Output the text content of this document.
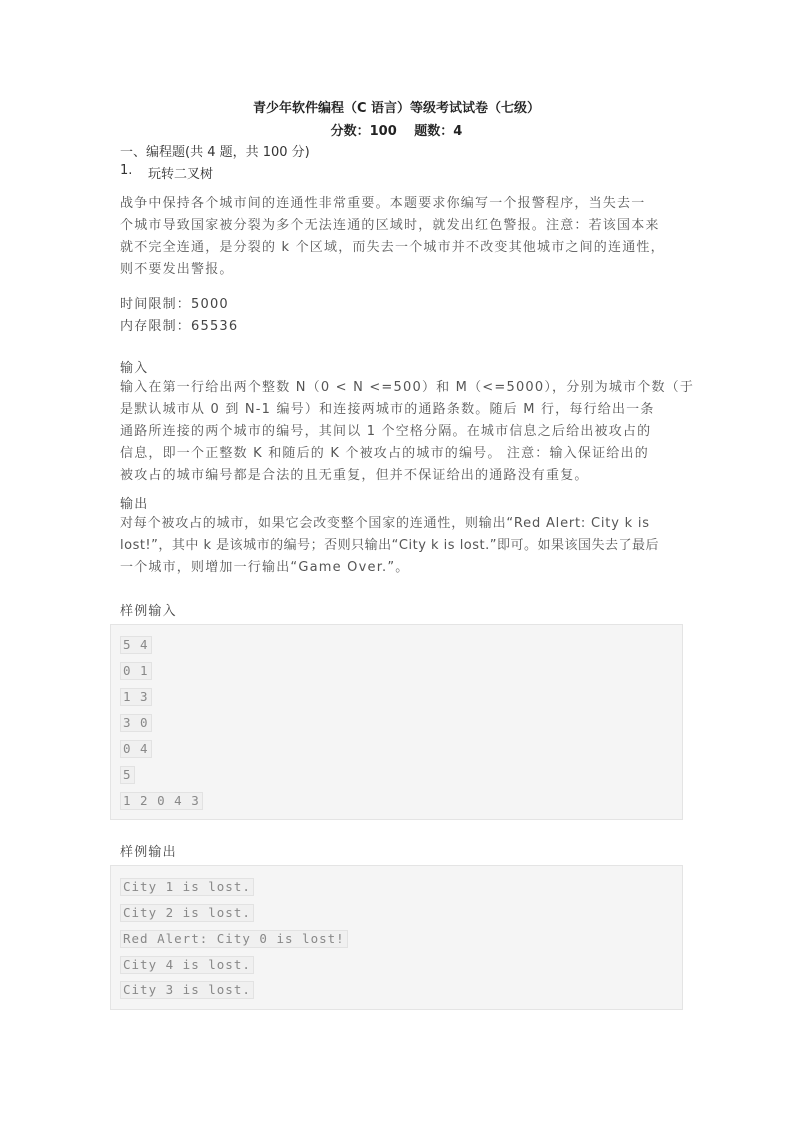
青少年软件编程（C 语言）等级考试试卷（七级）
分数：100　 题数：4
一、编程题(共 4 题，共 100 分)
1. 玩转二叉树
战争中保持各个城市间的连通性非常重要。本题要求你编写一个报警程序，当失去一
个城市导致国家被分裂为多个无法连通的区域时，就发出红色警报。注意：若该国本来
就不完全连通，是分裂的 k 个区域，而失去一个城市并不改变其他城市之间的连通性，
则不要发出警报。
时间限制：5000
内存限制：65536
输入
输入在第一行给出两个整数 N（0 < N <=500）和 M（<=5000），分别为城市个数（于
是默认城市从 0 到 N-1 编号）和连接两城市的通路条数。随后 M 行，每行给出一条
通路所连接的两个城市的编号，其间以 1 个空格分隔。在城市信息之后给出被攻占的
信息，即一个正整数 K 和随后的 K 个被攻占的城市的编号。 注意：输入保证给出的
被攻占的城市编号都是合法的且无重复，但并不保证给出的通路没有重复。
输出
对每个被攻占的城市，如果它会改变整个国家的连通性，则输出“Red Alert: City k is
lost!”，其中 k 是该城市的编号；否则只输出“City k is lost.”即可。如果该国失去了最后
一个城市，则增加一行输出“Game Over.”。
样例输入
5 4
0 1
1 3
3 0
0 4
5
1 2 0 4 3
样例输出
City 1 is lost.
City 2 is lost.
Red Alert: City 0 is lost!
City 4 is lost.
City 3 is lost.
